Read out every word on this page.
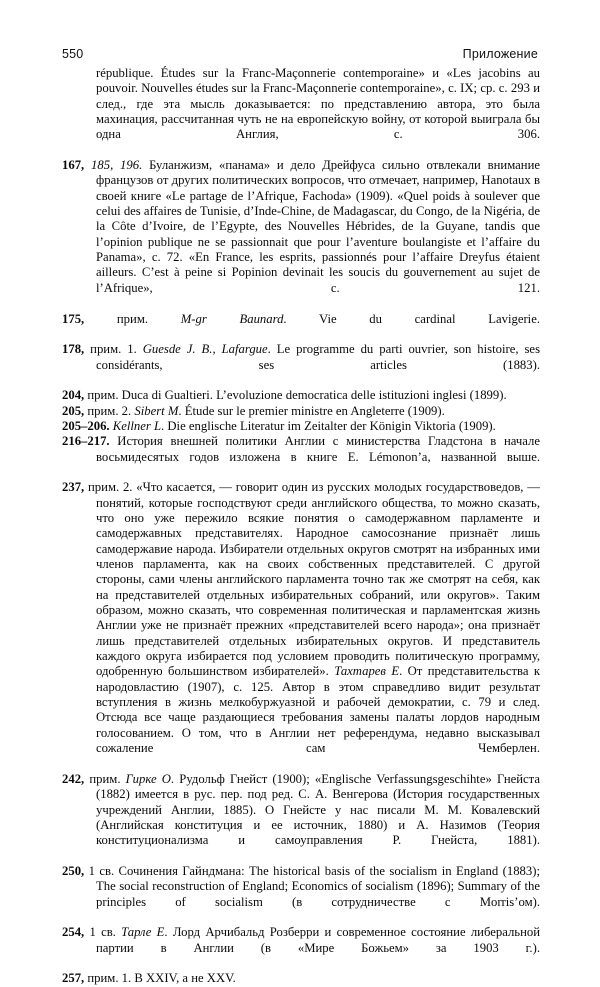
550	Приложение

république. Études sur la Franc-Maçonnerie contemporaine» и «Les jacobins au pouvoir. Nouvelles études sur la Franc-Maçonnerie contemporaine», с. IX; ср. с. 293 и след., где эта мысль доказывается: по представлению автора, это была махинация, рассчитанная чуть не на европейскую войну, от которой выиграла бы одна Англия, с. 306.

167, 185, 196. Буланжизм, «панама» и дело Дрейфуса сильно отвлекали внимание французов от других политических вопросов, что отмечает, например, Hanotaux в своей книге «Le partage de l’Afrique, Fachoda» (1909). «Quel poids à soulever que celui des affaires de Tunisie, d’Inde-Chine, de Madagascar, du Congo, de la Nigéria, de la Côte d’Ivoire, de l’Egypte, des Nouvelles Hébrides, de la Guyane, tandis que l’opinion publique ne se passionnait que pour l’aventure boulangiste et l’affaire du Panama», с. 72. «En France, les esprits, passionnés pour l’affaire Dreyfus étaient ailleurs. C’est à peine si Popinion devinait les soucis du gouvernement au sujet de l’Afrique», с. 121.

175, прим. M-gr Baunard. Vie du cardinal Lavigerie.

178, прим. 1. Guesde J. B., Lafargue. Le programme du parti ouvrier, son histoire, ses considérants, ses articles (1883).

204, прим. Duca di Gualtieri. L’evoluzione democratica delle istituzioni inglesi (1899).

205, прим. 2. Sibert M. Étude sur le premier ministre en Angleterre (1909).

205–206. Kellner L. Die englische Literatur im Zeitalter der Königin Viktoria (1909).

216–217. История внешней политики Англии с министерства Гладстона в начале восьмидесятых годов изложена в книге Е. Lémonon’a, названной выше.

237, прим. 2. «Что касается, — говорит один из русских молодых государствоведов, — понятий, которые господствуют среди английского общества, то можно сказать, что оно уже пережило всякие понятия о самодержавном парламенте и самодержавных представителях. Народное самосознание признаёт лишь самодержавие народа. Избиратели отдельных округов смотрят на избранных ими членов парламента, как на своих собственных представителей. С другой стороны, сами члены английского парламента точно так же смотрят на себя, как на представителей отдельных избирательных собраний, или округов». Таким образом, можно сказать, что современная политическая и парламентская жизнь Англии уже не признаёт прежних «представителей всего народа»; она признаёт лишь представителей отдельных избирательных округов. И представитель каждого округа избирается под условием проводить политическую программу, одобренную большинством избирателей». Тахтарев Е. От представительства к народовластию (1907), с. 125. Автор в этом справедливо видит результат вступления в жизнь мелкобуржуазной и рабочей демократии, с. 79 и след. Отсюда все чаще раздающиеся требования замены палаты лордов народным голосованием. О том, что в Англии нет референдума, недавно высказывал сожаление сам Чемберлен.

242, прим. Гирке О. Рудольф Гнейст (1900); «Englische Verfassungsgeschihte» Гнейста (1882) имеется в рус. пер. под ред. С. А. Венгерова (История государственных учреждений Англии, 1885). О Гнейсте у нас писали М. М. Ковалевский (Английская конституция и ее источник, 1880) и А. Назимов (Теория конституционализма и самоуправления Р. Гнейста, 1881).

250, 1 св. Сочинения Гайндмана: The historical basis of the socialism in England (1883); The social reconstruction of England; Economics of socialism (1896); Summary of the principles of socialism (в сотрудничестве с Morris’ом).

254, 1 св. Тарле Е. Лорд Арчибальд Розберри и современное состояние либеральной партии в Англии (в «Мире Божьем» за 1903 г.).

257, прим. 1. В XXIV, а не XXV.
